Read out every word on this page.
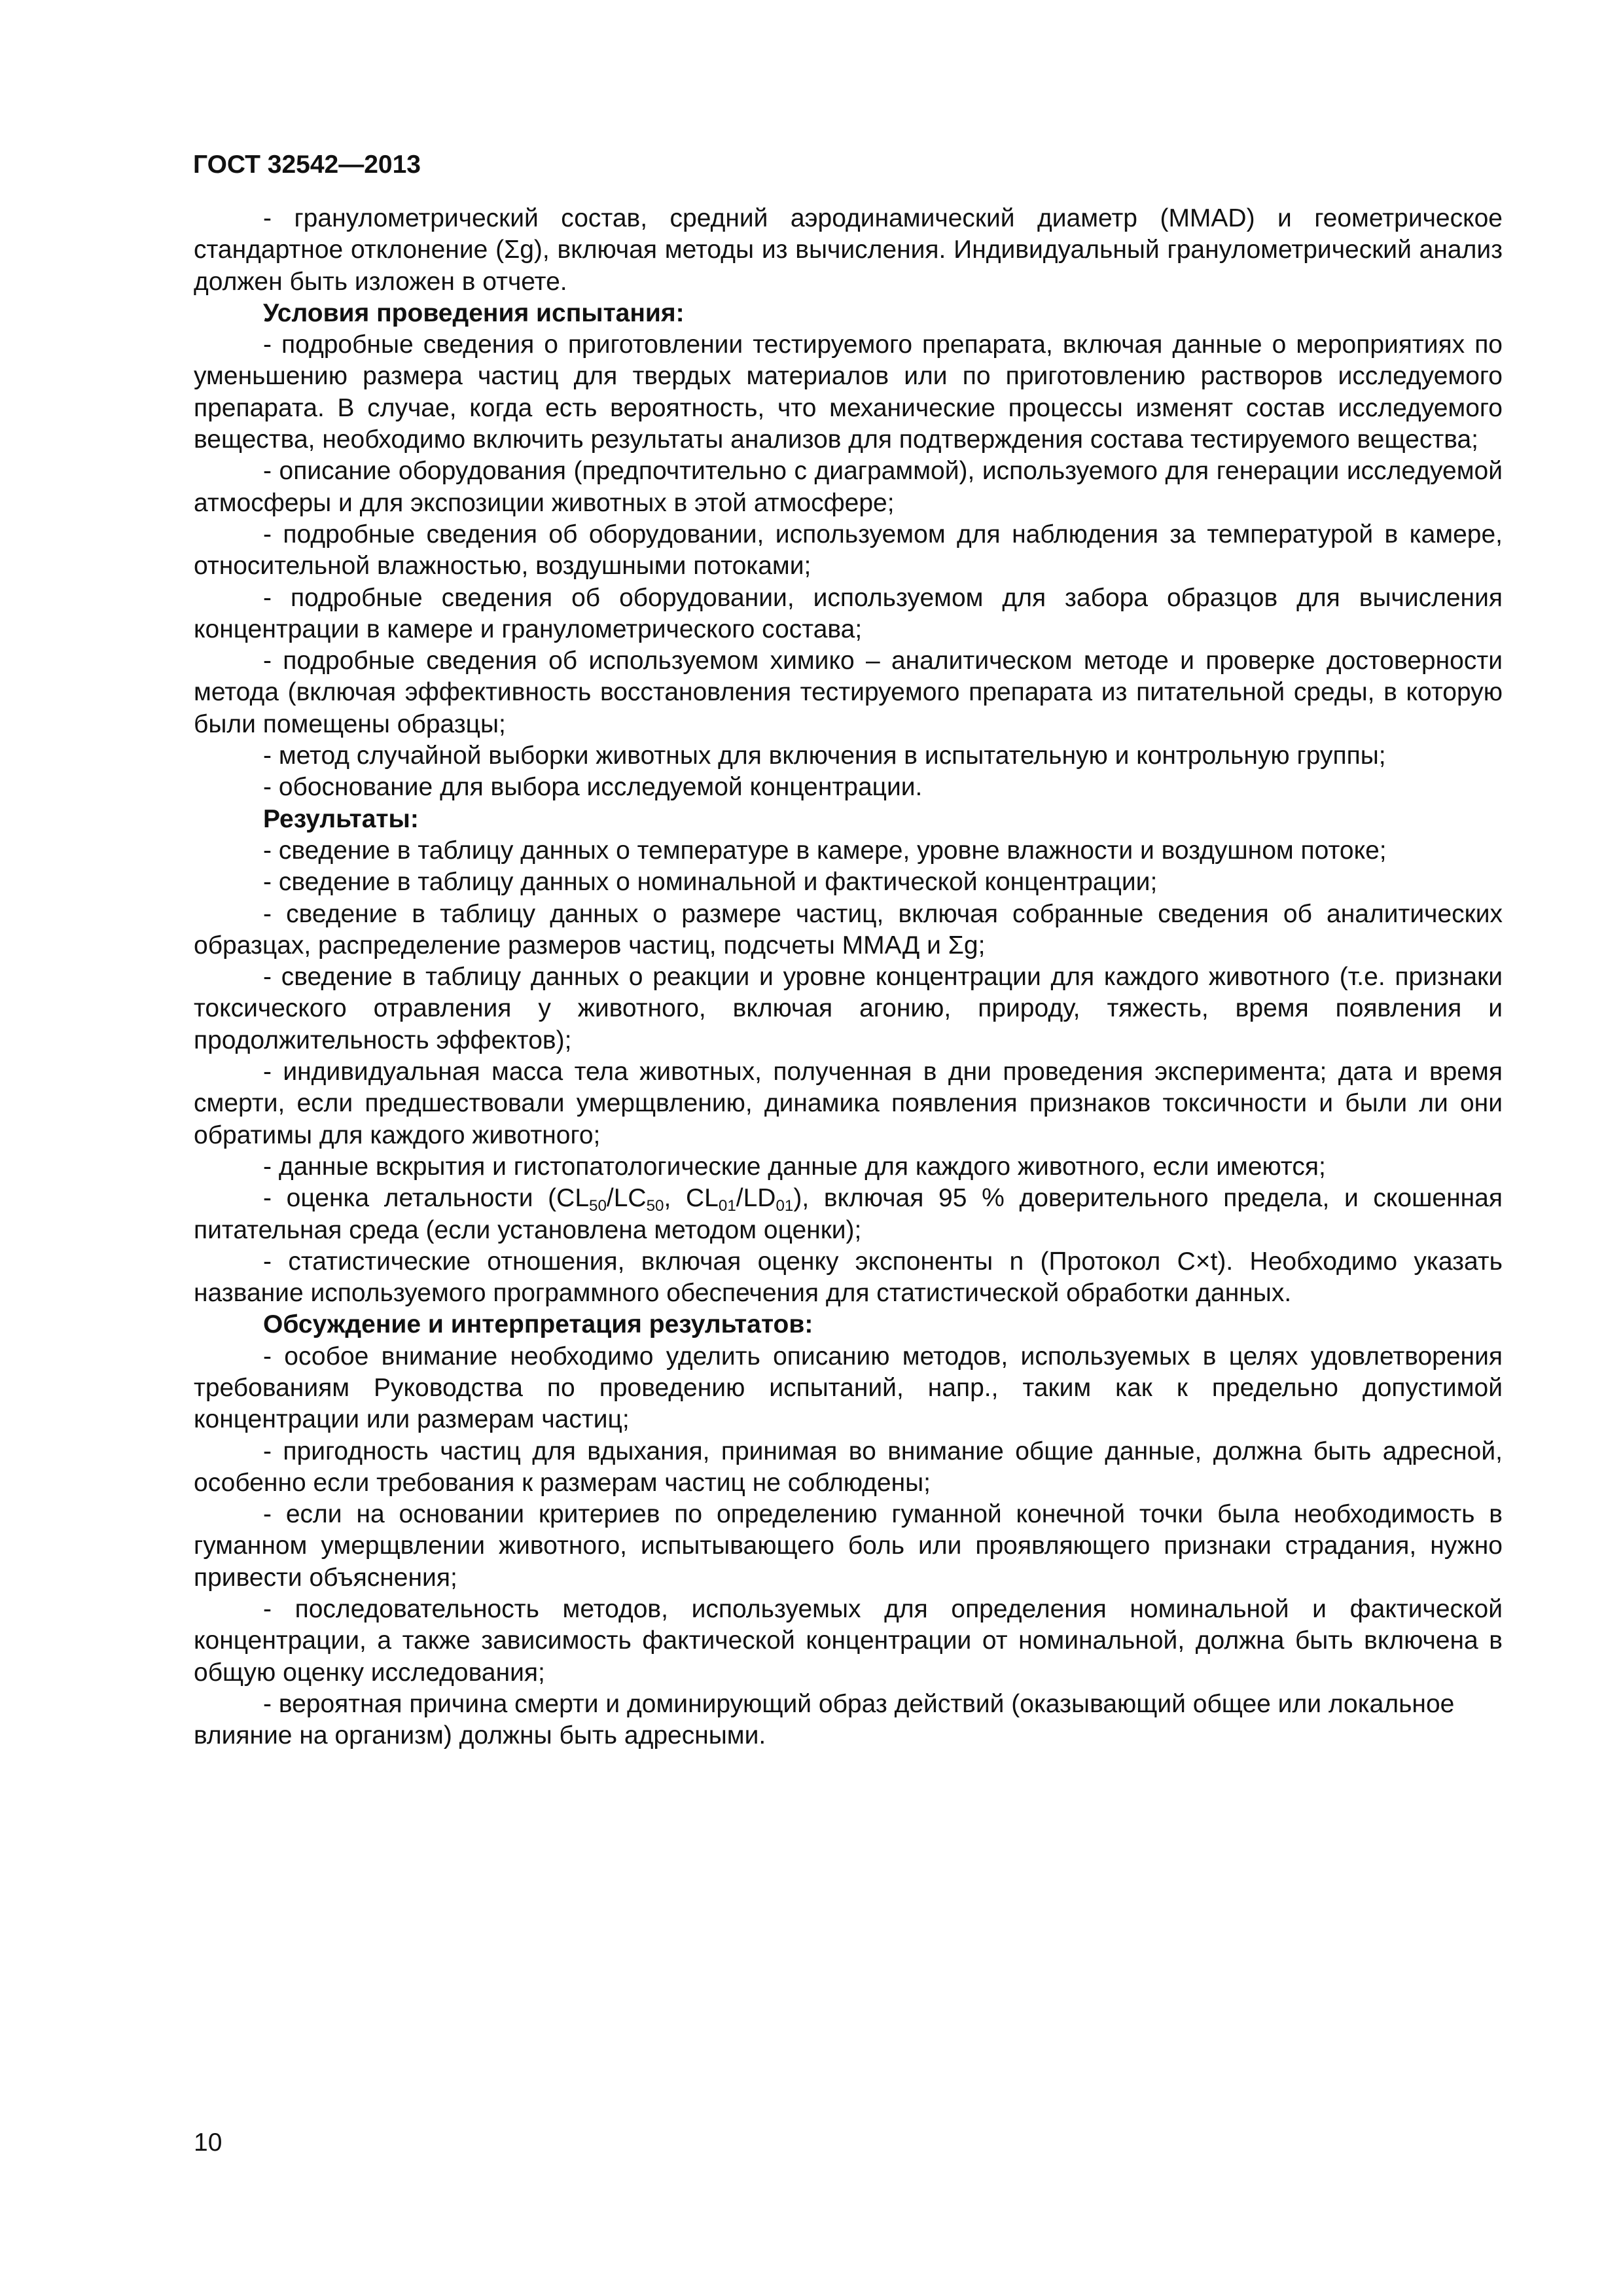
ГОСТ 32542—2013

- гранулометрический состав, средний аэродинамический диаметр (MMAD) и геометрическое стандартное отклонение (Σg), включая методы из вычисления. Индивидуальный гранулометрический анализ должен быть изложен в отчете.

Условия проведения испытания:

- подробные сведения о приготовлении тестируемого препарата, включая данные о мероприятиях по уменьшению размера частиц для твердых материалов или по приготовлению растворов исследуемого препарата. В случае, когда есть вероятность, что механические процессы изменят состав исследуемого вещества, необходимо включить результаты анализов для подтверждения состава тестируемого вещества;

- описание оборудования (предпочтительно с диаграммой), используемого для генерации исследуемой атмосферы и для экспозиции животных в этой атмосфере;

- подробные сведения об оборудовании, используемом для наблюдения за температурой в камере, относительной влажностью, воздушными потоками;

- подробные сведения об оборудовании, используемом для забора образцов для вычисления концентрации в камере и гранулометрического состава;

- подробные сведения об используемом химико – аналитическом методе и проверке достоверности метода (включая эффективность восстановления тестируемого препарата из питательной среды, в которую были помещены образцы;

- метод случайной выборки животных для включения в испытательную и контрольную группы;

- обоснование для выбора исследуемой концентрации.

Результаты:

- сведение в таблицу данных о температуре в камере, уровне влажности и воздушном потоке;

- сведение в таблицу данных о номинальной и фактической концентрации;

- сведение в таблицу данных о размере частиц, включая собранные сведения об аналитических образцах, распределение размеров частиц, подсчеты ММАД и Σg;

- сведение в таблицу данных о реакции и уровне концентрации для каждого животного (т.е. признаки токсического отравления у животного, включая агонию, природу, тяжесть, время появления и продолжительность эффектов);

- индивидуальная масса тела животных, полученная в дни проведения эксперимента; дата и время смерти, если предшествовали умерщвлению, динамика появления признаков токсичности и были ли они обратимы для каждого животного;

- данные вскрытия и гистопатологические данные для каждого животного, если имеются;

- оценка летальности ($CL_{50}/LC_{50}$, $CL_{01}/LD_{01}$), включая 95 % доверительного предела, и скошенная питательная среда (если установлена методом оценки);

- статистические отношения, включая оценку экспоненты n (Протокол C×t). Необходимо указать название используемого программного обеспечения для статистической обработки данных.

Обсуждение и интерпретация результатов:

- особое внимание необходимо уделить описанию методов, используемых в целях удовлетворения требованиям Руководства по проведению испытаний, напр., таким как к предельно допустимой концентрации или размерам частиц;

- пригодность частиц для вдыхания, принимая во внимание общие данные, должна быть адресной, особенно если требования к размерам частиц не соблюдены;

- если на основании критериев по определению гуманной конечной точки была необходимость в гуманном умерщвлении животного, испытывающего боль или проявляющего признаки страдания, нужно привести объяснения;

- последовательность методов, используемых для определения номинальной и фактической концентрации, а также зависимость фактической концентрации от номинальной, должна быть включена в общую оценку исследования;

- вероятная причина смерти и доминирующий образ действий (оказывающий общее или локальное влияние на организм) должны быть адресными.

10
